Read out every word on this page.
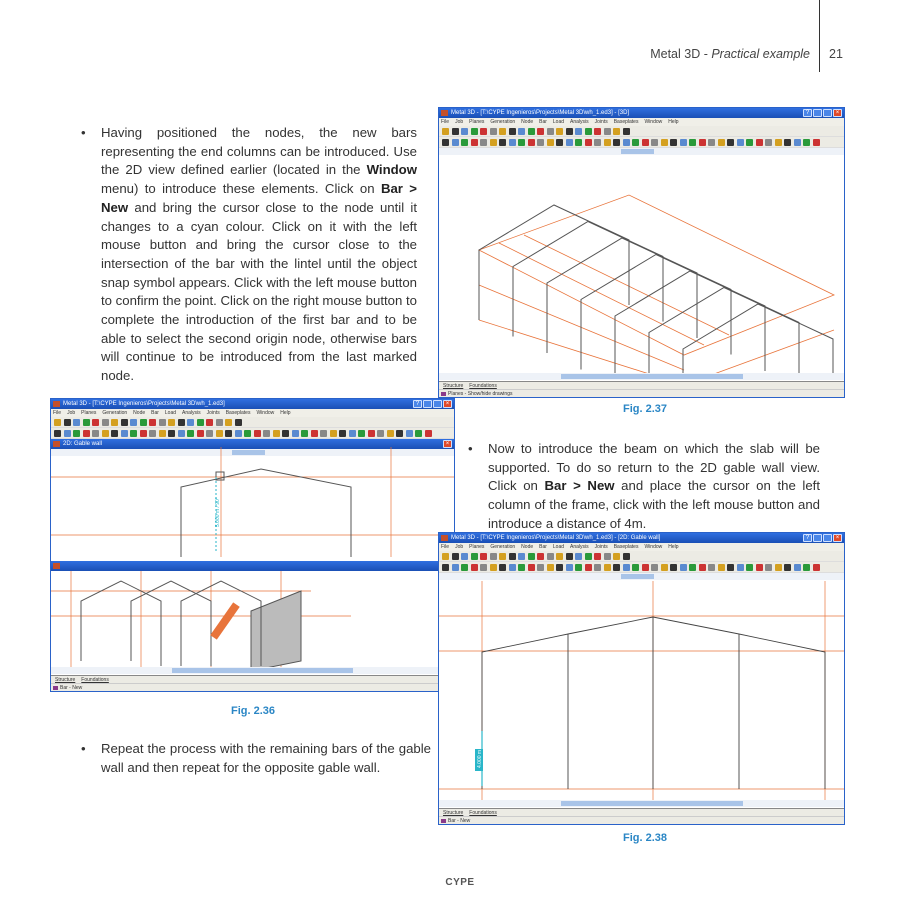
Metal 3D - Practical example 21
• Having positioned the nodes, the new bars representing the end columns can be introduced. Use the 2D view defined earlier (located in the Window menu) to introduce these elements. Click on Bar > New and bring the cursor close to the node until it changes to a cyan colour. Click on it with the left mouse button and bring the cursor close to the intersection of the bar with the lintel until the object snap symbol appears. Click with the left mouse button to confirm the point. Click on the right mouse button to complete the introduction of the first bar and to be able to select the second origin node, otherwise bars will continue to be introduced from the last marked node.
• Now to introduce the beam on which the slab will be supported. To do so return to the 2D gable wall view. Click on Bar > New and place the cursor on the left column of the frame, click with the left mouse button and introduce a distance of 4m.
• Repeat the process with the remaining bars of the gable wall and then repeat for the opposite gable wall.
Metal 3D - [T:\CYPE Ingenieros\Projects\Metal 3D\wh_1.ed3] - [3D]	?	×
File Job Planes Generation Node Bar Load Analysis Joints Baseplates Window Help
Structure Foundations
Planes - Show/hide drawings
Fig. 2.37
Metal 3D - [T:\CYPE Ingenieros\Projects\Metal 3D\wh_1.ed3]	?	×
File Job Planes Generation Node Bar Load Analysis Joints Baseplates Window Help
2D: Gable wall	×
5.000 m / 90°
Structure Foundations
Bar - New
Fig. 2.36
Metal 3D - [T:\CYPE Ingenieros\Projects\Metal 3D\wh_1.ed3] - [2D: Gable wall]	?	×
File Job Planes Generation Node Bar Load Analysis Joints Baseplates Window Help
4.000 m
Structure Foundations
Bar - New
Fig. 2.38
CYPE
